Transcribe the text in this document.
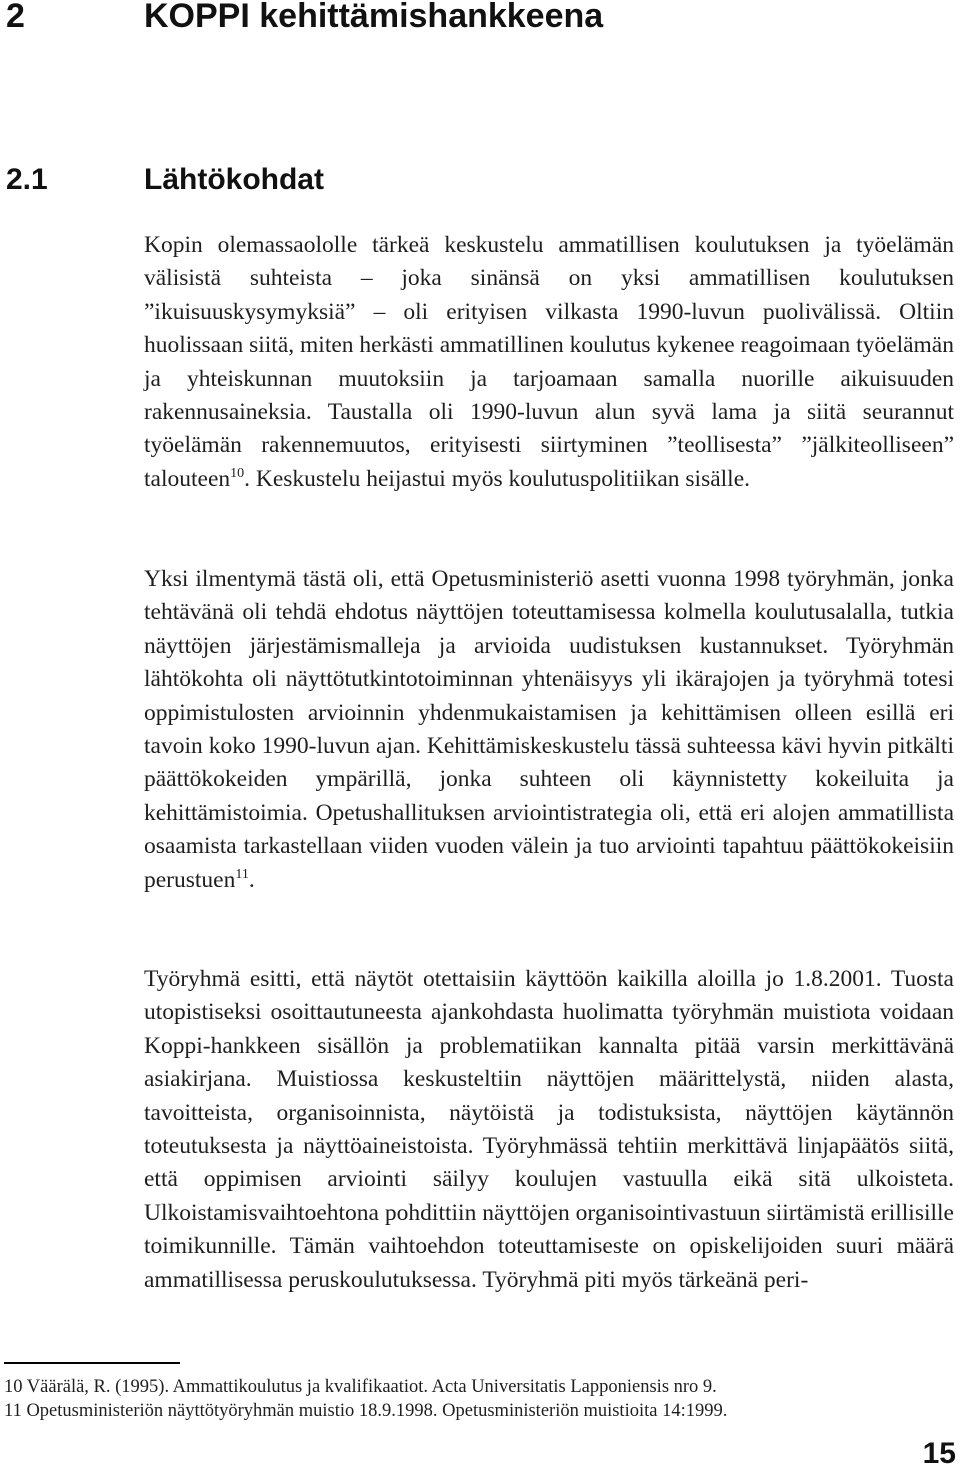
2	KOPPI kehittämishankkeena
2.1	Lähtökohdat

Kopin olemassaololle tärkeä keskustelu ammatillisen koulutuksen ja työelämän välisistä suhteista – joka sinänsä on yksi ammatillisen koulutuksen ”ikuisuuskysymyksiä” – oli erityisen vilkasta 1990-luvun puolivälissä. Oltiin huolissaan siitä, miten herkästi ammatillinen koulutus kykenee reagoimaan työelämän ja yhteiskunnan muutoksiin ja tarjoamaan samalla nuorille aikuisuuden rakennusaineksia. Taustalla oli 1990-luvun alun syvä lama ja siitä seurannut työelämän rakennemuutos, erityisesti siirtyminen ”teollisesta” ”jälkiteolliseen” talouteen$^{10}$. Keskustelu heijastui myös koulutuspolitiikan sisälle.

Yksi ilmentymä tästä oli, että Opetusministeriö asetti vuonna 1998 työryhmän, jonka tehtävänä oli tehdä ehdotus näyttöjen toteuttamisessa kolmella koulutusalalla, tutkia näyttöjen järjestämismalleja ja arvioida uudistuksen kustannukset. Työryhmän lähtökohta oli näyttötutkintotoiminnan yhtenäisyys yli ikärajojen ja työryhmä totesi oppimistulosten arvioinnin yhdenmukaistamisen ja kehittämisen olleen esillä eri tavoin koko 1990-luvun ajan. Kehittämiskeskustelu tässä suhteessa kävi hyvin pitkälti päättökokeiden ympärillä, jonka suhteen oli käynnistetty kokeiluita ja kehittämistoimia. Opetushallituksen arviointistrategia oli, että eri alojen ammatillista osaamista tarkastellaan viiden vuoden välein ja tuo arviointi tapahtuu päättökokeisiin perustuen$^{11}$.

Työryhmä esitti, että näytöt otettaisiin käyttöön kaikilla aloilla jo 1.8.2001. Tuosta utopistiseksi osoittautuneesta ajankohdasta huolimatta työryhmän muistiota voidaan Koppi-hankkeen sisällön ja problematiikan kannalta pitää varsin merkittävänä asiakirjana. Muistiossa keskusteltiin näyttöjen määrittelystä, niiden alasta, tavoitteista, organisoinnista, näytöistä ja todistuksista, näyttöjen käytännön toteutuksesta ja näyttöaineistoista. Työryhmässä tehtiin merkittävä linjapäätös siitä, että oppimisen arviointi säilyy koulujen vastuulla eikä sitä ulkoisteta. Ulkoistamisvaihtoehtona pohdittiin näyttöjen organisointivastuun siirtämistä erillisille toimikunnille. Tämän vaihtoehdon toteuttamiseste on opiskelijoiden suuri määrä ammatillisessa peruskoulutuksessa. Työryhmä piti myös tärkeänä peri-

10 Väärälä, R. (1995). Ammattikoulutus ja kvalifikaatiot. Acta Universitatis Lapponiensis nro 9.

11 Opetusministeriön näyttötyöryhmän muistio 18.9.1998. Opetusministeriön muistioita 14:1999.

15
